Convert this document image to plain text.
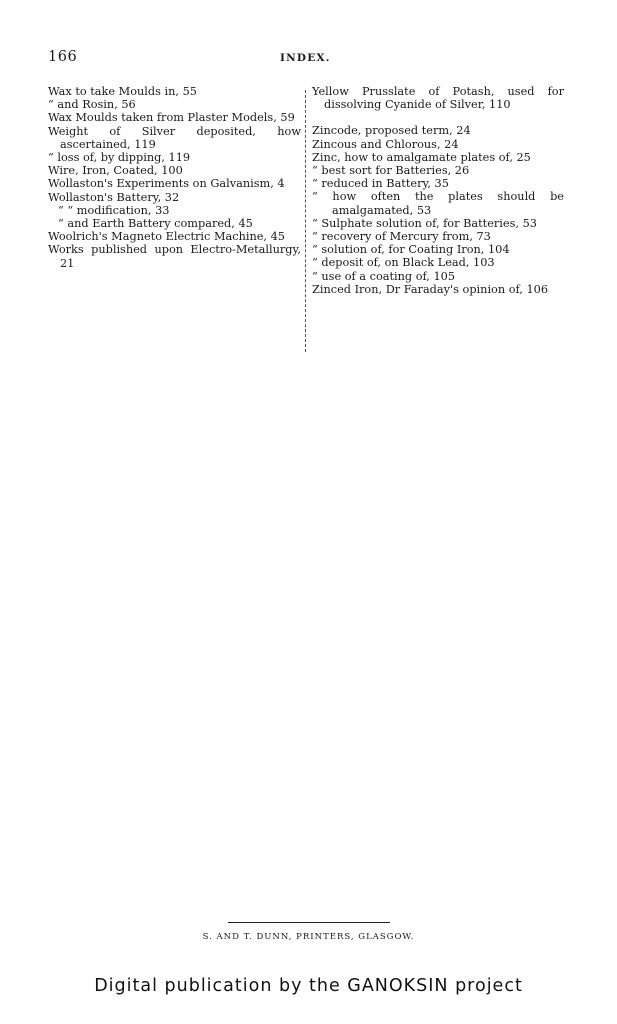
166	INDEX.
Wax to take Moulds in, 55
“ and Rosin, 56
Wax Moulds taken from Plaster Models, 59
Weight of Silver deposited, how ascertained, 119
“ loss of, by dipping, 119
Wire, Iron, Coated, 100
Wollaston's Experiments on Galvanism, 4
Wollaston's Battery, 32
“ “ modification, 33
“ and Earth Battery compared, 45
Woolrich's Magneto Electric Machine, 45
Works published upon Electro-Metallurgy, 21
Yellow Prusslate of Potash, used for dissolving Cyanide of Silver, 110
Zincode, proposed term, 24
Zincous and Chlorous, 24
Zinc, how to amalgamate plates of, 25
“ best sort for Batteries, 26
“ reduced in Battery, 35
“ how often the plates should be amalgamated, 53
“ Sulphate solution of, for Batteries, 53
“ recovery of Mercury from, 73
“ solution of, for Coating Iron, 104
“ deposit of, on Black Lead, 103
“ use of a coating of, 105
Zinced Iron, Dr Faraday's opinion of, 106
S. AND T. DUNN, PRINTERS, GLASGOW.
Digital publication by the GANOKSIN project
